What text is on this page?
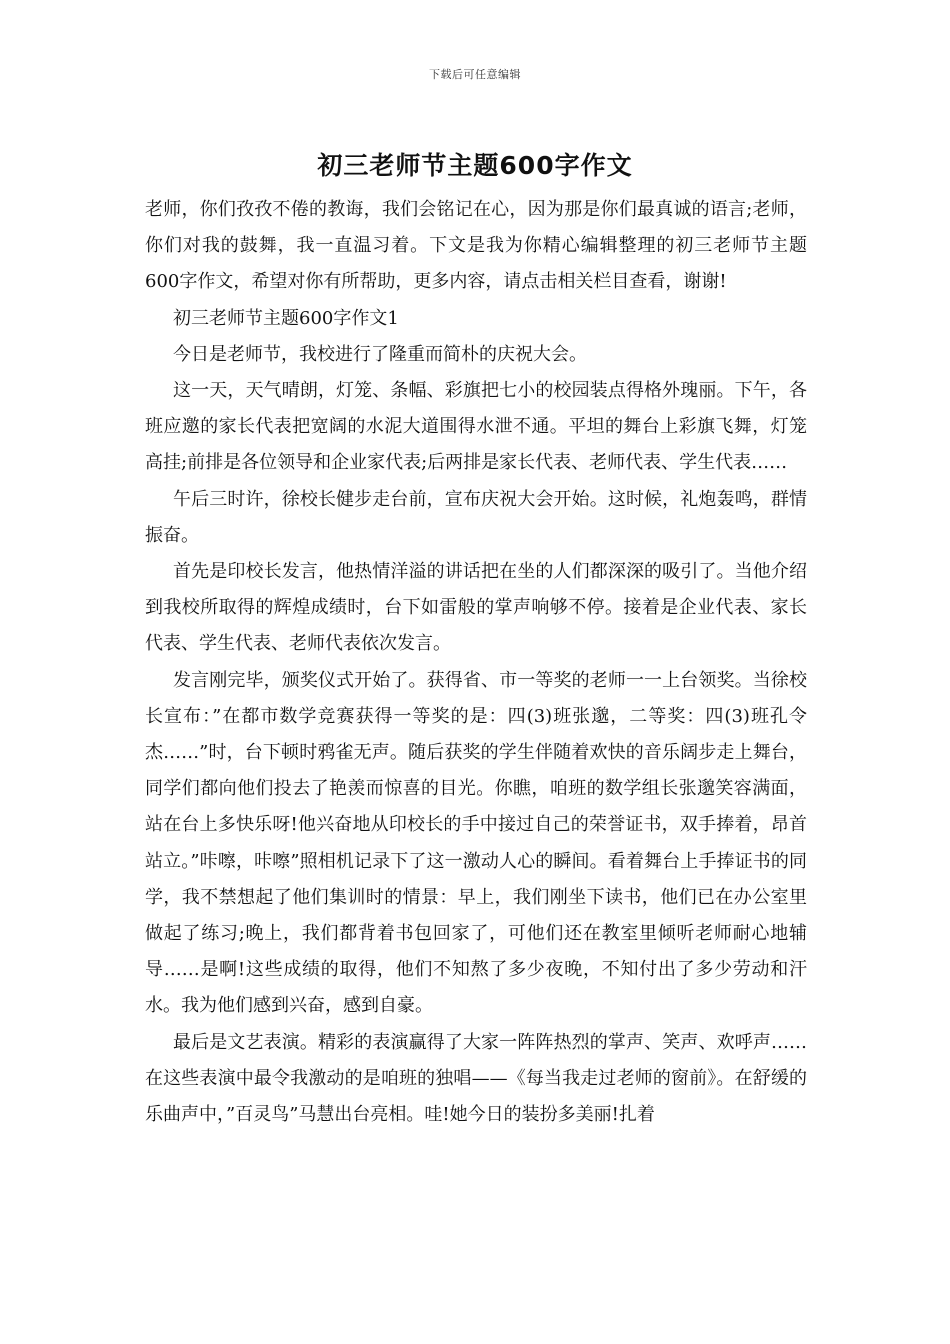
下载后可任意编辑
初三老师节主题600字作文

老师，你们孜孜不倦的教诲，我们会铭记在心，因为那是你们最真诚的语言;老师，你们对我的鼓舞，我一直温习着。下文是我为你精心编辑整理的初三老师节主题600字作文，希望对你有所帮助，更多内容，请点击相关栏目查看，谢谢!

初三老师节主题600字作文1

今日是老师节，我校进行了隆重而简朴的庆祝大会。

这一天，天气晴朗，灯笼、条幅、彩旗把七小的校园装点得格外瑰丽。下午，各班应邀的家长代表把宽阔的水泥大道围得水泄不通。平坦的舞台上彩旗飞舞，灯笼高挂;前排是各位领导和企业家代表;后两排是家长代表、老师代表、学生代表……

午后三时许，徐校长健步走台前，宣布庆祝大会开始。这时候，礼炮轰鸣，群情振奋。

首先是印校长发言，他热情洋溢的讲话把在坐的人们都深深的吸引了。当他介绍到我校所取得的辉煌成绩时，台下如雷般的掌声响够不停。接着是企业代表、家长代表、学生代表、老师代表依次发言。

发言刚完毕，颁奖仪式开始了。获得省、市一等奖的老师一一上台领奖。当徐校长宣布：”在都市数学竞赛获得一等奖的是：四(3)班张邈，二等奖：四(3)班孔令杰……”时，台下顿时鸦雀无声。随后获奖的学生伴随着欢快的音乐阔步走上舞台，同学们都向他们投去了艳羡而惊喜的目光。你瞧，咱班的数学组长张邈笑容满面，站在台上多快乐呀!他兴奋地从印校长的手中接过自己的荣誉证书，双手捧着，昂首站立。”咔嚓，咔嚓”照相机记录下了这一激动人心的瞬间。看着舞台上手捧证书的同学，我不禁想起了他们集训时的情景：早上，我们刚坐下读书，他们已在办公室里做起了练习;晚上，我们都背着书包回家了，可他们还在教室里倾听老师耐心地辅导……是啊!这些成绩的取得，他们不知熬了多少夜晚，不知付出了多少劳动和汗水。我为他们感到兴奋，感到自豪。

最后是文艺表演。精彩的表演赢得了大家一阵阵热烈的掌声、笑声、欢呼声……在这些表演中最令我激动的是咱班的独唱——《每当我走过老师的窗前》。在舒缓的乐曲声中，”百灵鸟”马慧出台亮相。哇!她今日的装扮多美丽!扎着
